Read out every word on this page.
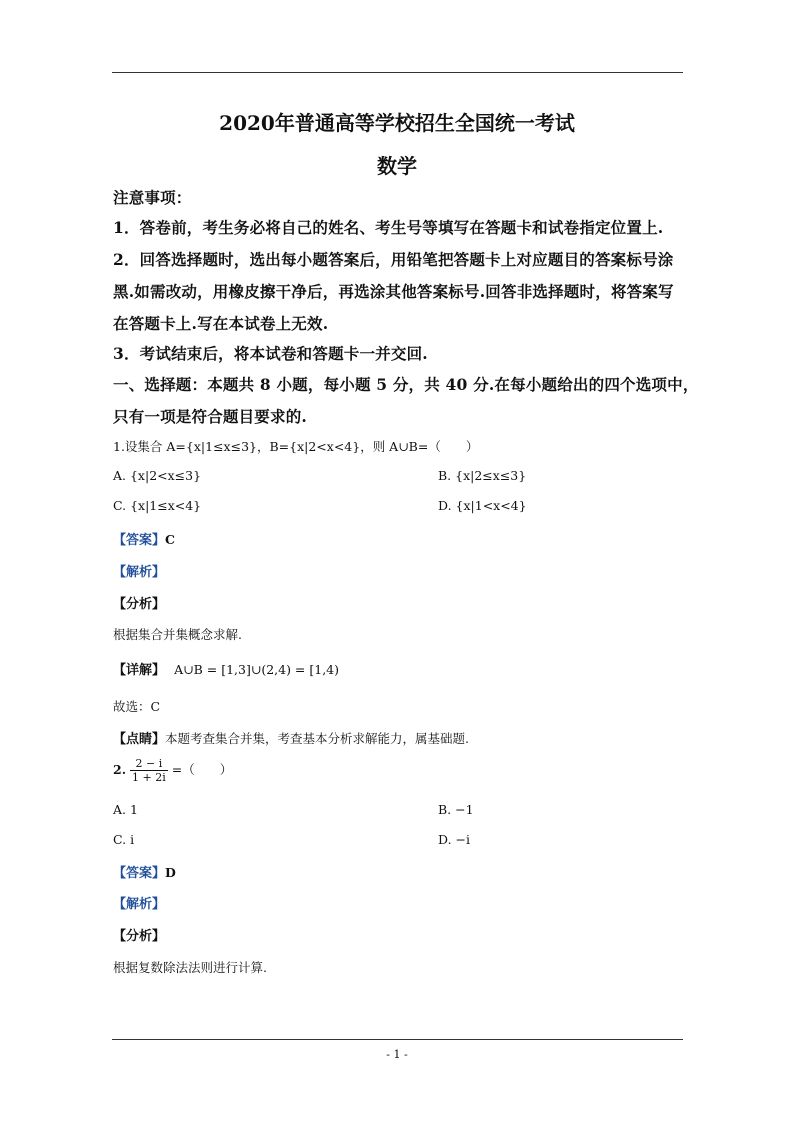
2020年普通高等学校招生全国统一考试
数学
注意事项：
1．答卷前，考生务必将自己的姓名、考生号等填写在答题卡和试卷指定位置上.
2．回答选择题时，选出每小题答案后，用铅笔把答题卡上对应题目的答案标号涂
黑.如需改动，用橡皮擦干净后，再选涂其他答案标号.回答非选择题时，将答案写
在答题卡上.写在本试卷上无效.
3．考试结束后，将本试卷和答题卡一并交回.
一、选择题：本题共 8 小题，每小题 5 分，共 40 分.在每小题给出的四个选项中，
只有一项是符合题目要求的.
1.设集合 A={x|1≤x≤3}，B={x|2<x<4}，则 A∪B=（　　）
A. {x|2<x≤3}	B. {x|2≤x≤3}
C. {x|1≤x<4}	D. {x|1<x<4}
【答案】C
【解析】
【分析】
根据集合并集概念求解.
【详解】 A∪B = [1,3]∪(2,4) = [1,4)
故选：C
【点睛】本题考查集合并集，考查基本分析求解能力，属基础题.
2. $\frac{2 - i}{1 + 2i}$ =（　　）
A. 1	B. −1
C. i	D. −i
【答案】D
【解析】
【分析】
根据复数除法法则进行计算.
- 1 -
